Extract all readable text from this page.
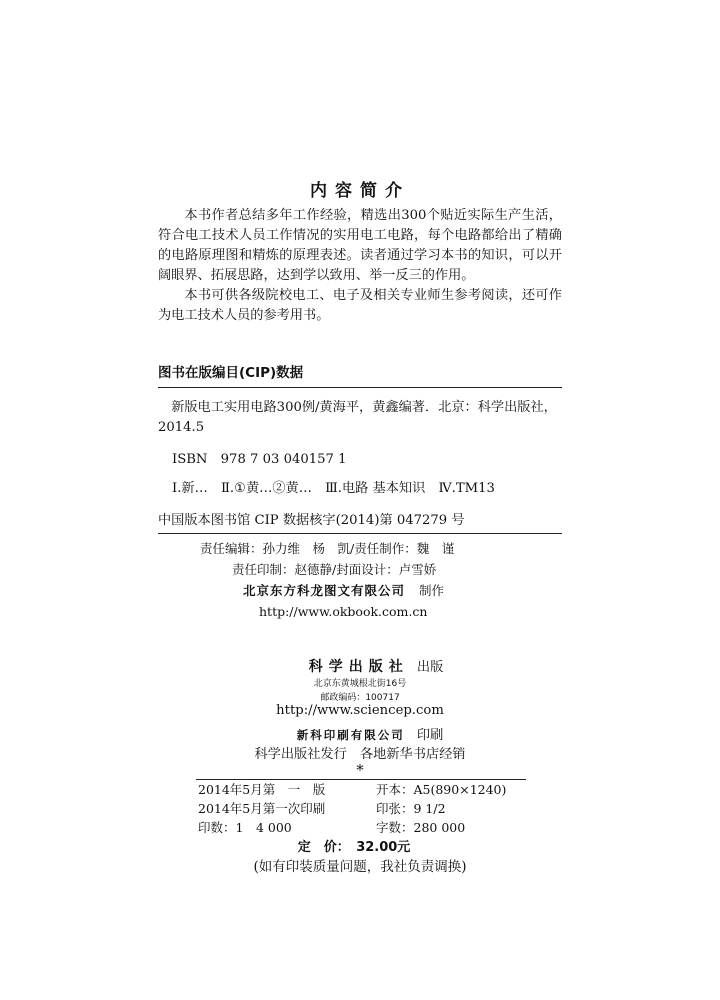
内容简介

本书作者总结多年工作经验，精选出300个贴近实际生产生活，符合电工技术人员工作情况的实用电工电路，每个电路都给出了精确的电路原理图和精炼的原理表述。读者通过学习本书的知识，可以开阔眼界、拓展思路，达到学以致用、举一反三的作用。

本书可供各级院校电工、电子及相关专业师生参考阅读，还可作为电工技术人员的参考用书。

图书在版编目(CIP)数据

新版电工实用电路300例/黄海平，黄鑫编著．北京：科学出版社，2014.5

ISBN　978 7 03 040157 1
Ⅰ.新…　Ⅱ.①黄…②黄…　Ⅲ.电路 基本知识　Ⅳ.TM13
中国版本图书馆 CIP 数据核字(2014)第 047279 号
责任编辑：孙力维　杨　凯/责任制作：魏　谨
责任印制：赵德静/封面设计：卢雪娇
北京东方科龙图文有限公司 制作
http://www.okbook.com.cn
科学出版社 出版
北京东黄城根北街16号
邮政编码：100717
http://www.sciencep.com
新科印刷有限公司 印刷
科学出版社发行　各地新华书店经销
*
2014年5月第　一　版	开本：A5(890×1240)
2014年5月第一次印刷	印张：9 1/2
印数：1　4 000	字数：280 000
定　价：　32.00元
(如有印装质量问题，我社负责调换)
